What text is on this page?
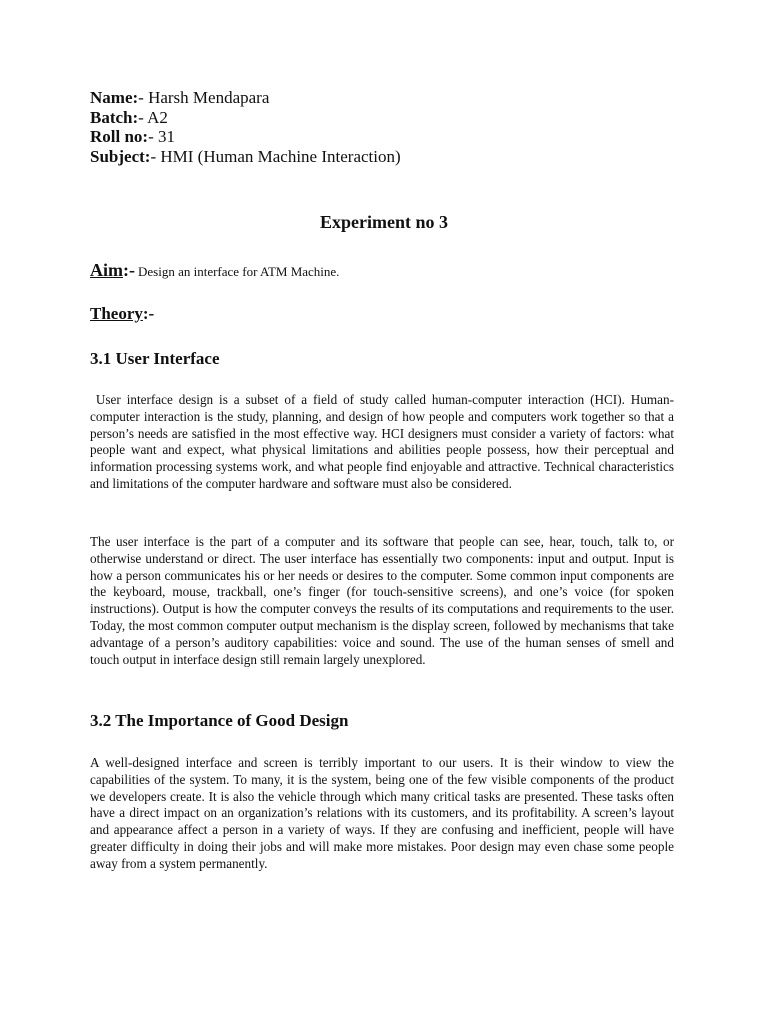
Name:- Harsh Mendapara
Batch:- A2
Roll no:- 31
Subject:- HMI (Human Machine Interaction)
Experiment no 3
Aim:- Design an interface for ATM Machine.
Theory:-
3.1 User Interface

User interface design is a subset of a field of study called human-computer interaction (HCI). Human-computer interaction is the study, planning, and design of how people and computers work together so that a person’s needs are satisfied in the most effective way. HCI designers must consider a variety of factors: what people want and expect, what physical limitations and abilities people possess, how their perceptual and information processing systems work, and what people find enjoyable and attractive. Technical characteristics and limitations of the computer hardware and software must also be considered.

The user interface is the part of a computer and its software that people can see, hear, touch, talk to, or otherwise understand or direct. The user interface has essentially two components: input and output. Input is how a person communicates his or her needs or desires to the computer. Some common input components are the keyboard, mouse, trackball, one’s finger (for touch-sensitive screens), and one’s voice (for spoken instructions). Output is how the computer conveys the results of its computations and requirements to the user. Today, the most common computer output mechanism is the display screen, followed by mechanisms that take advantage of a person’s auditory capabilities: voice and sound. The use of the human senses of smell and touch output in interface design still remain largely unexplored.

3.2 The Importance of Good Design

A well-designed interface and screen is terribly important to our users. It is their window to view the capabilities of the system. To many, it is the system, being one of the few visible components of the product we developers create. It is also the vehicle through which many critical tasks are presented. These tasks often have a direct impact on an organization’s relations with its customers, and its profitability. A screen’s layout and appearance affect a person in a variety of ways. If they are confusing and inefficient, people will have greater difficulty in doing their jobs and will make more mistakes. Poor design may even chase some people away from a system permanently.
